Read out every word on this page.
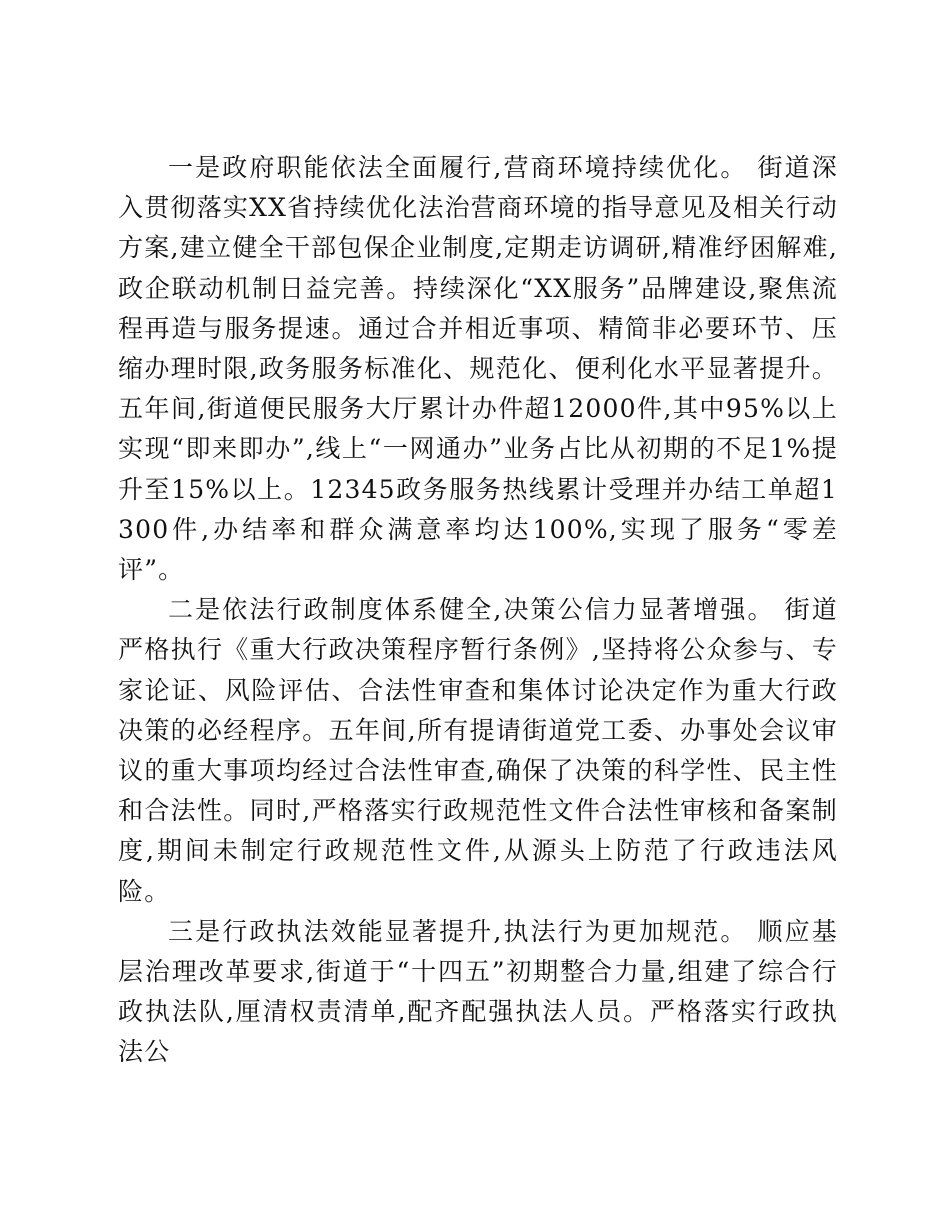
一是政府职能依法全面履行,营商环境持续优化。 街道深入贯彻落实XX省持续优化法治营商环境的指导意见及相关行动方案,建立健全干部包保企业制度,定期走访调研,精准纾困解难,政企联动机制日益完善。持续深化“XX服务”品牌建设,聚焦流程再造与服务提速。通过合并相近事项、精简非必要环节、压缩办理时限,政务服务标准化、规范化、便利化水平显著提升。五年间,街道便民服务大厅累计办件超12000件,其中95%以上实现“即来即办”,线上“一网通办”业务占比从初期的不足1%提升至15%以上。12345政务服务热线累计受理并办结工单超1300件,办结率和群众满意率均达100%,实现了服务“零差评”。

二是依法行政制度体系健全,决策公信力显著增强。 街道严格执行《重大行政决策程序暂行条例》,坚持将公众参与、专家论证、风险评估、合法性审查和集体讨论决定作为重大行政决策的必经程序。五年间,所有提请街道党工委、办事处会议审议的重大事项均经过合法性审查,确保了决策的科学性、民主性和合法性。同时,严格落实行政规范性文件合法性审核和备案制度,期间未制定行政规范性文件,从源头上防范了行政违法风险。

三是行政执法效能显著提升,执法行为更加规范。 顺应基层治理改革要求,街道于“十四五”初期整合力量,组建了综合行政执法队,厘清权责清单,配齐配强执法人员。严格落实行政执法公
